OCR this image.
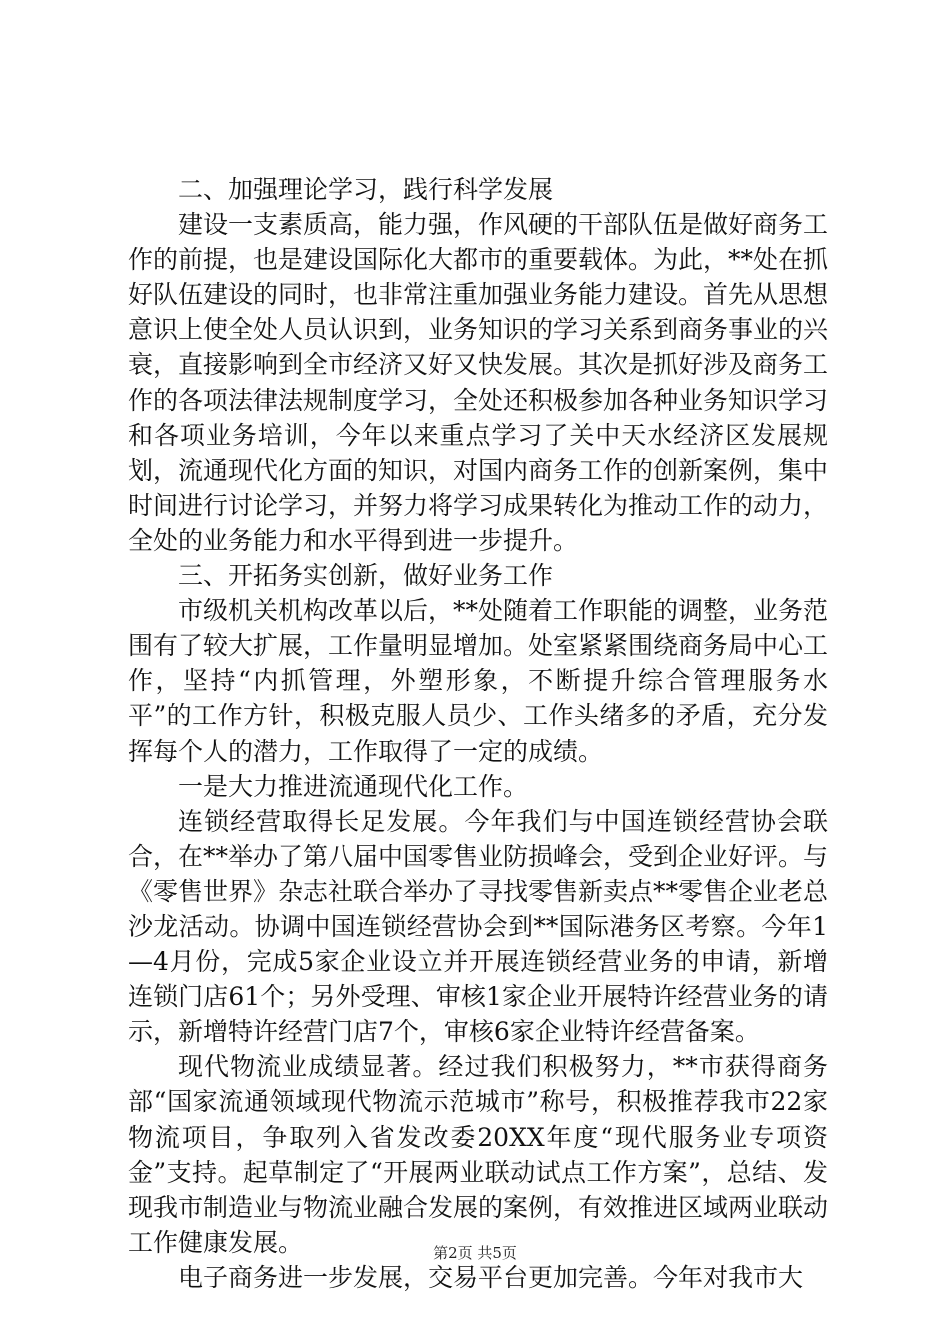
二、加强理论学习，践行科学发展

建设一支素质高，能力强，作风硬的干部队伍是做好商务工作的前提，也是建设国际化大都市的重要载体。为此，**处在抓好队伍建设的同时，也非常注重加强业务能力建设。首先从思想意识上使全处人员认识到，业务知识的学习关系到商务事业的兴衰，直接影响到全市经济又好又快发展。其次是抓好涉及商务工作的各项法律法规制度学习，全处还积极参加各种业务知识学习和各项业务培训，今年以来重点学习了关中天水经济区发展规划，流通现代化方面的知识，对国内商务工作的创新案例，集中时间进行讨论学习，并努力将学习成果转化为推动工作的动力，全处的业务能力和水平得到进一步提升。

三、开拓务实创新，做好业务工作

市级机关机构改革以后，**处随着工作职能的调整，业务范围有了较大扩展，工作量明显增加。处室紧紧围绕商务局中心工作，坚持“内抓管理，外塑形象，不断提升综合管理服务水平”的工作方针，积极克服人员少、工作头绪多的矛盾，充分发挥每个人的潜力，工作取得了一定的成绩。

一是大力推进流通现代化工作。

连锁经营取得长足发展。今年我们与中国连锁经营协会联合，在**举办了第八届中国零售业防损峰会，受到企业好评。与《零售世界》杂志社联合举办了寻找零售新卖点**零售企业老总沙龙活动。协调中国连锁经营协会到**国际港务区考察。今年1—4月份，完成5家企业设立并开展连锁经营业务的申请，新增连锁门店61个；另外受理、审核1家企业开展特许经营业务的请示，新增特许经营门店7个，审核6家企业特许经营备案。

现代物流业成绩显著。经过我们积极努力，**市获得商务部“国家流通领域现代物流示范城市”称号，积极推荐我市22家物流项目，争取列入省发改委20XX年度“现代服务业专项资金”支持。起草制定了“开展两业联动试点工作方案”，总结、发现我市制造业与物流业融合发展的案例，有效推进区域两业联动工作健康发展。

电子商务进一步发展，交易平台更加完善。今年对我市大

第2页 共5页
